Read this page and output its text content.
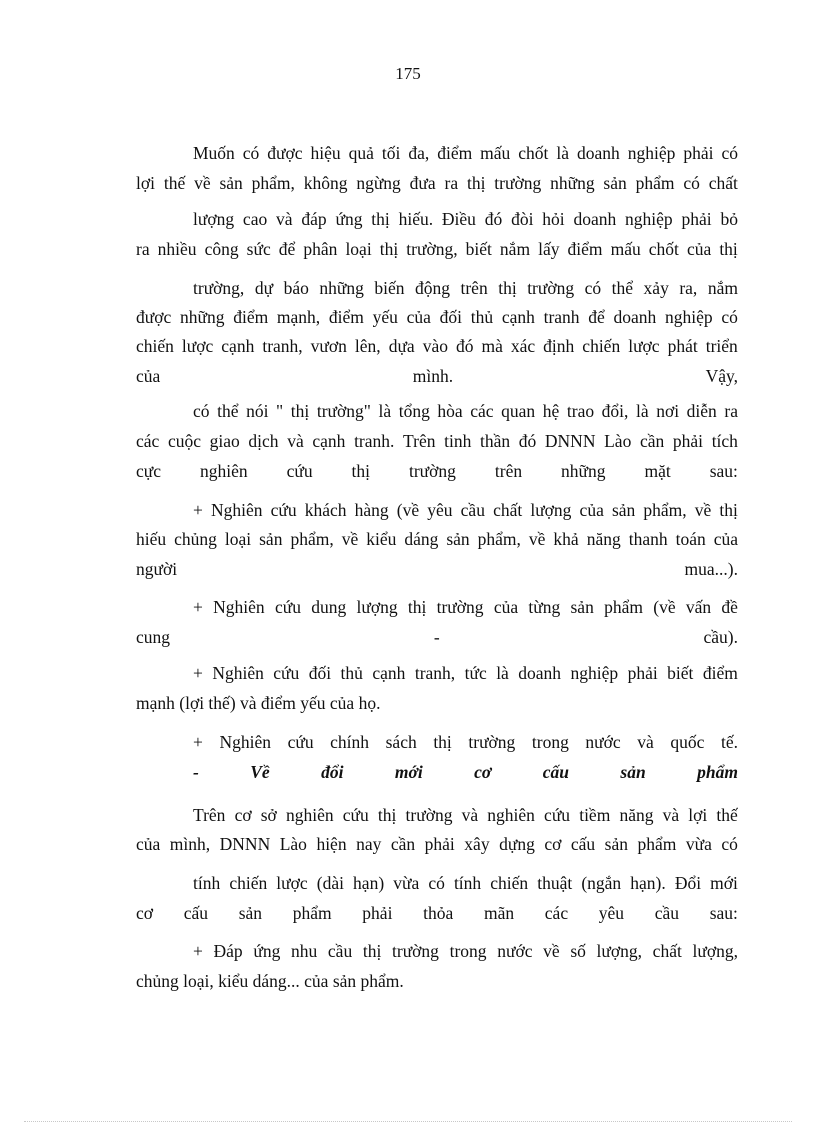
175
Muốn có được hiệu quả tối đa, điểm mấu chốt là doanh nghiệp phải có
lợi thế về sản phẩm, không ngừng đưa ra thị trường những sản phẩm có chất
lượng cao và đáp ứng thị hiếu. Điều đó đòi hỏi doanh nghiệp phải bỏ
ra nhiều công sức để phân loại thị trường, biết nắm lấy điểm mấu chốt của thị
trường, dự báo những biến động trên thị trường có thể xảy ra, nắm
được những điểm mạnh, điểm yếu của đối thủ cạnh tranh để doanh nghiệp có
chiến lược cạnh tranh, vươn lên, dựa vào đó mà xác định chiến lược phát triển
của	mình.	Vậy,
có thể nói " thị trường" là tổng hòa các quan hệ trao đổi, là nơi diễn ra
các cuộc giao dịch và cạnh tranh. Trên tinh thần đó DNNN Lào cần phải tích
cực nghiên cứu thị trường trên những mặt sau:
+ Nghiên cứu khách hàng (về yêu cầu chất lượng của sản phẩm, về thị
hiếu chủng loại sản phẩm, về kiểu dáng sản phẩm, về khả năng thanh toán của
người	mua...).
+ Nghiên cứu dung lượng thị trường của từng sản phẩm (về vấn đề
cung	-	cầu).
+ Nghiên cứu đối thủ cạnh tranh, tức là doanh nghiệp phải biết điểm
mạnh (lợi thế) và điểm yếu của họ.
+ Nghiên cứu chính sách thị trường trong nước và quốc tế.
-	Về	đổi	mới	cơ	cấu	sản	phẩm
Trên cơ sở nghiên cứu thị trường và nghiên cứu tiềm năng và lợi thế
của mình, DNNN Lào hiện nay cần phải xây dựng cơ cấu sản phẩm vừa có
tính chiến lược (dài hạn) vừa có tính chiến thuật (ngắn hạn). Đổi mới
cơ cấu sản phẩm phải thỏa mãn các yêu cầu sau:
+ Đáp ứng nhu cầu thị trường trong nước về số lượng, chất lượng,
chủng loại, kiểu dáng... của sản phẩm.
